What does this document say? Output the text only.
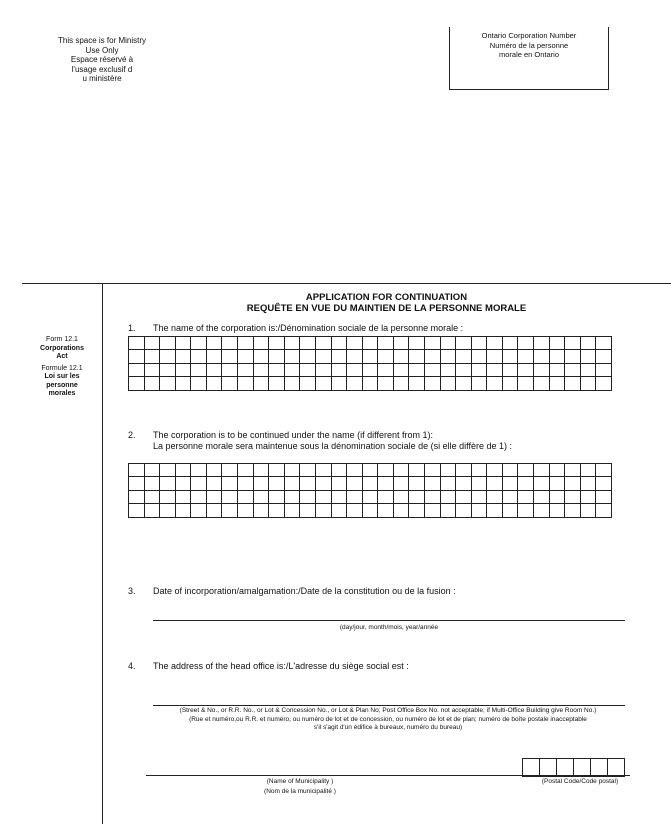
This space is for Ministry
Use Only
Espace réservé à
l'usage exclusif d
u ministère
Ontario Corporation Number
Numéro de la personne
morale en Ontario
Form 12.1
Corporations
Act
Formule 12.1
Loi sur les
personne
morales
APPLICATION FOR CONTINUATION
REQUÊTE EN VUE DU MAINTIEN DE LA PERSONNE MORALE
1. The name of the corporation is:/Dénomination sociale de la personne morale :
2. The corporation is to be continued under the name (if different from 1):
La personne morale sera maintenue sous la dénomination sociale de (si elle diffère de 1) :
3. Date of incorporation/amalgamation:/Date de la constitution ou de la fusion :
(day/jour, month/mois, year/année
4. The address of the head office is:/L'adresse du siège social est :
(Street & No., or R.R. No., or Lot & Concession No., or Lot & Plan No; Post Office Box No. not acceptable; if Multi-Office Building give Room No.)
(Rue et numéro,ou R.R. et numéro, ou numéro de lot et de concession, ou numéro de lot et de plan; numéro de boîte postale inacceptable
s'il s'agit d'un édifice à bureaux, numéro du bureau)
(Name of Municipality )
(Nom de la municipalité )
(Postal Code/Code postal)
